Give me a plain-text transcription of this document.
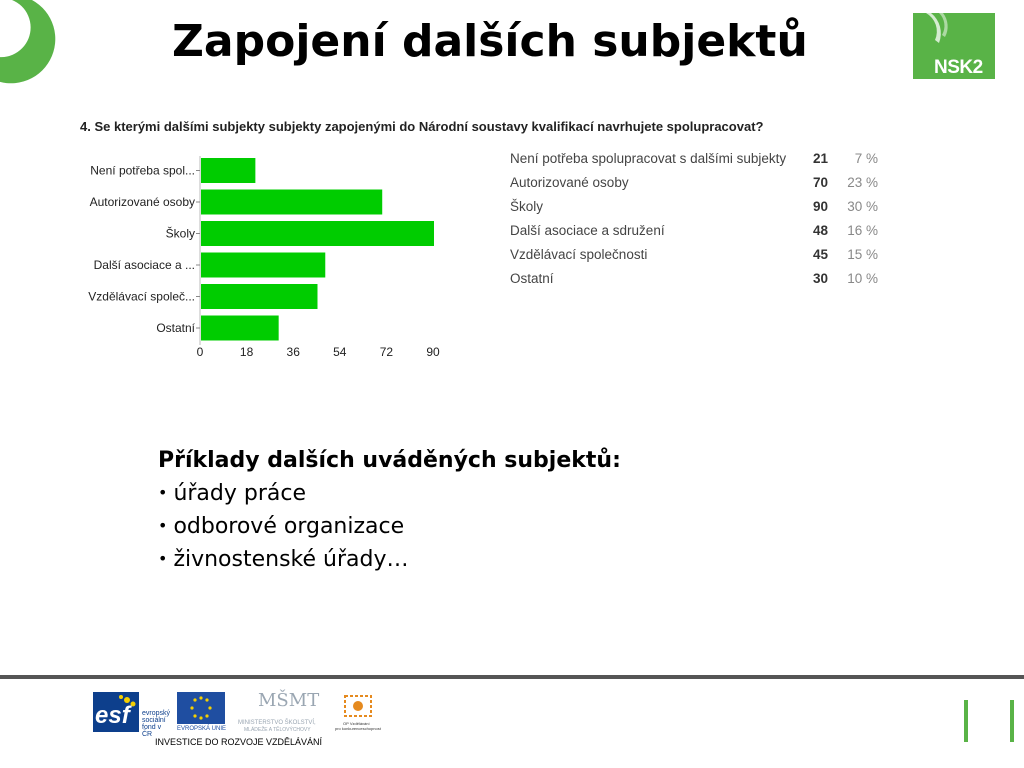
NSK2
Zapojení dalších subjektů
4. Se kterými dalšími subjekty subjekty zapojenými do Národní soustavy kvalifikací navrhujete spolupracovat?
Není potřeba spol...
Autorizované osoby
Školy
Další asociace a ...
Vzdělávací společ...
Ostatní
0	18	36	54	72	90
Není potřeba spolupracovat s dalšími subjekty	21	7 %
Autorizované osoby	70	23 %
Školy	90	30 %
Další asociace a sdružení	48	16 %
Vzdělávací společnosti	45	15 %
Ostatní	30	10 %
Příklady dalších uváděných subjektů:
• úřady práce
• odborové organizace
• živnostenské úřady…
esf evropský
sociální
fond v ČR
EVROPSKÁ UNIE
MŠMT
MINISTERSTVO ŠKOLSTVÍ,
MLÁDEŽE A TĚLOVÝCHOVY
OP Vzdělávání
pro konkurenceschopnost
INVESTICE DO ROZVOJE VZDĚLÁVÁNÍ
